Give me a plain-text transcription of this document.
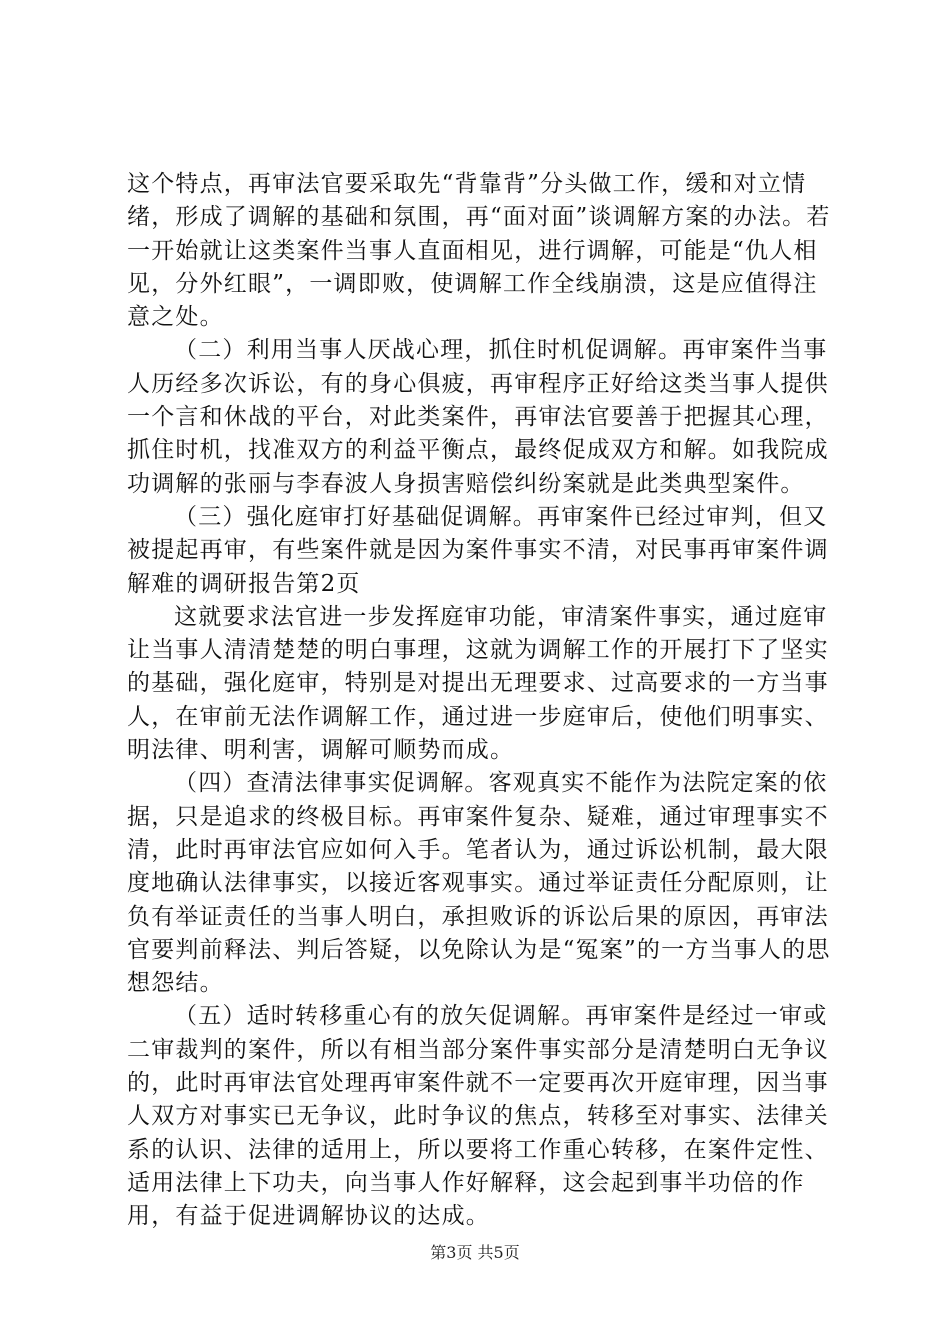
这个特点，再审法官要采取先“背靠背”分头做工作，缓和对立情绪，形成了调解的基础和氛围，再“面对面”谈调解方案的办法。若一开始就让这类案件当事人直面相见，进行调解，可能是“仇人相见，分外红眼”，一调即败，使调解工作全线崩溃，这是应值得注意之处。

（二）利用当事人厌战心理，抓住时机促调解。再审案件当事人历经多次诉讼，有的身心俱疲，再审程序正好给这类当事人提供一个言和休战的平台，对此类案件，再审法官要善于把握其心理，抓住时机，找准双方的利益平衡点，最终促成双方和解。如我院成功调解的张丽与李春波人身损害赔偿纠纷案就是此类典型案件。

（三）强化庭审打好基础促调解。再审案件已经过审判，但又被提起再审，有些案件就是因为案件事实不清，对民事再审案件调解难的调研报告第2页

这就要求法官进一步发挥庭审功能，审清案件事实，通过庭审让当事人清清楚楚的明白事理，这就为调解工作的开展打下了坚实的基础，强化庭审，特别是对提出无理要求、过高要求的一方当事人，在审前无法作调解工作，通过进一步庭审后，使他们明事实、明法律、明利害，调解可顺势而成。

（四）查清法律事实促调解。客观真实不能作为法院定案的依据，只是追求的终极目标。再审案件复杂、疑难，通过审理事实不清，此时再审法官应如何入手。笔者认为，通过诉讼机制，最大限度地确认法律事实，以接近客观事实。通过举证责任分配原则，让负有举证责任的当事人明白，承担败诉的诉讼后果的原因，再审法官要判前释法、判后答疑，以免除认为是“冤案”的一方当事人的思想怨结。

（五）适时转移重心有的放矢促调解。再审案件是经过一审或二审裁判的案件，所以有相当部分案件事实部分是清楚明白无争议的，此时再审法官处理再审案件就不一定要再次开庭审理，因当事人双方对事实已无争议，此时争议的焦点，转移至对事实、法律关系的认识、法律的适用上，所以要将工作重心转移，在案件定性、适用法律上下功夫，向当事人作好解释，这会起到事半功倍的作用，有益于促进调解协议的达成。

第3页 共5页
